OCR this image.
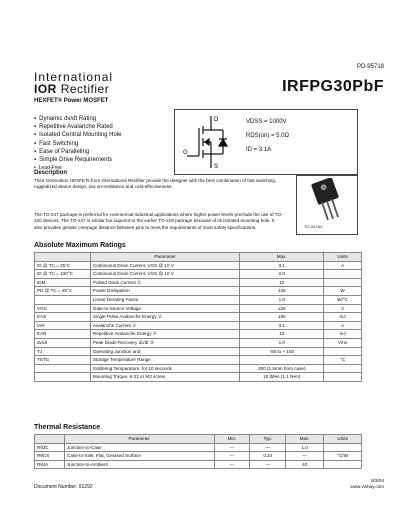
PD-95718
International
IOR Rectifier	IRFPG30PbF
HEXFET® Power MOSFET
▪ Dynamic dv/dt Rating
▪ Repetitive Avalanche Rated
▪ Isolated Central Mounting Hole
▪ Fast Switching
▪ Ease of Paralleling
▪ Simple Drive Requirements
• Lead-Free
D
G
S
VDSS = 1000V
RDS(on) = 5.0Ω
ID = 3.1A
TO-247AC
Description

Third Generation HEXFETs from International Rectifier provide the designer with the best combination of fast switching, ruggedized device design, low on-resistance and cost-effectiveness.

The TO-247 package is preferred for commercial-industrial applications where higher power levels preclude the use of TO-220 devices. The TO-247 is similar but superior to the earlier TO-218 package because of its isolated mounting hole. It also provides greater creepage distance between pins to meet the requirements of most safety specifications.

Absolute Maximum Ratings
	Parameter	Max.	Units
ID @ TC = 25°C	Continuous Drain Current, VGS @ 10 V	3.1	A
ID @ TC = 100°C	Continuous Drain Current, VGS @ 10 V	2.0	
IDM	Pulsed Drain Current ①	12	
PD @ TC = 25°C	Power Dissipation	125	W
	Linear Derating Factor	1.0	W/°C
VGS	Gate-to-Source Voltage	±20	V
EAS	Single Pulse Avalanche Energy ②	180	mJ
IAR	Avalanche Current ①	3.1	A
EAR	Repetitive Avalanche Energy ①	13	mJ
dv/dt	Peak Diode Recovery dv/dt ③	1.0	V/ns
TJ	Operating Junction and	-55 to + 150	
TSTG	Storage Temperature Range		°C
	Soldering Temperature, for 10 seconds	300 (1.6mm from case)	
	Mounting Torque, 6-32 or M3 screw	10 lbf•in (1.1 N•m)	
Thermal Resistance
	Parameter	Min.	Typ.	Max.	Units
RθJC	Junction-to-Case	—	—	1.0	
RθCS	Case-to-Sink, Flat, Greased Surface	—	0.24	—	°C/W
RθJA	Junction-to-Ambient	—	—	40	
Document Number: 91292
8/3/04
www.vishay.com
